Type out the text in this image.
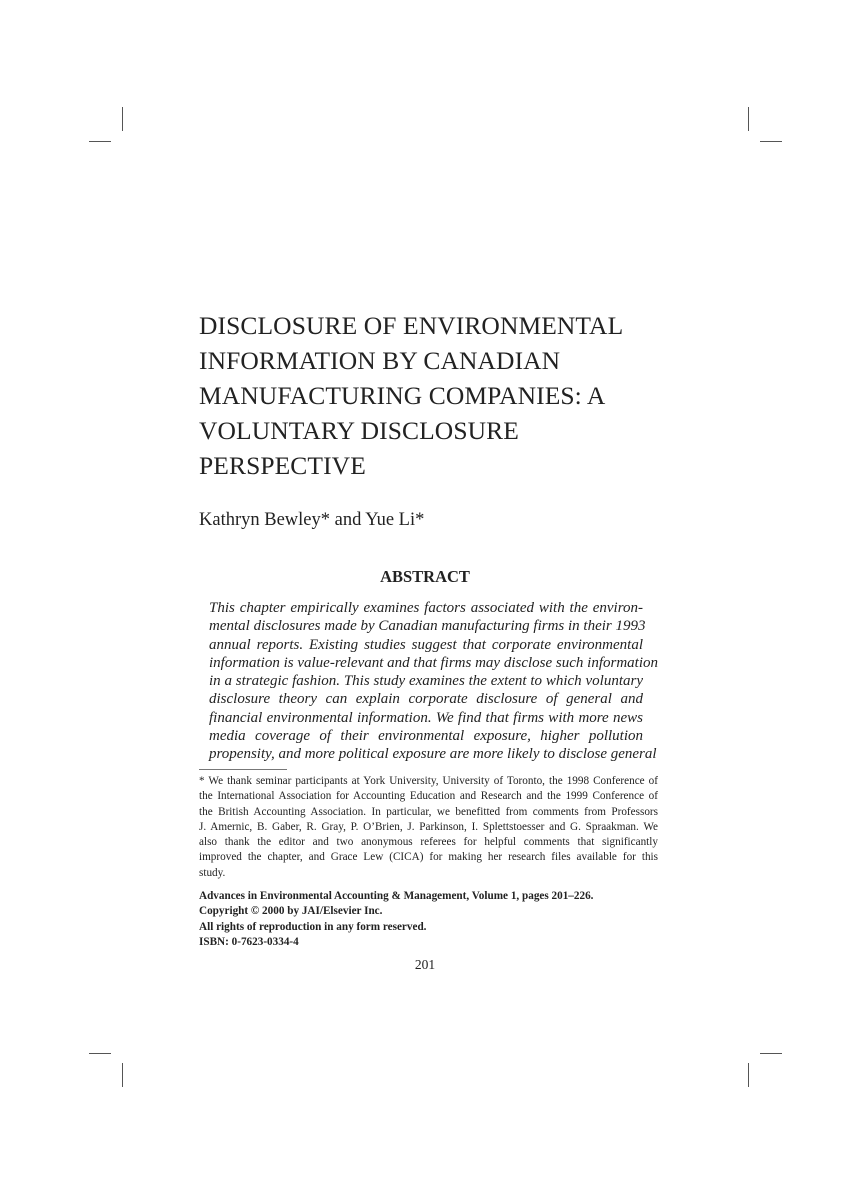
DISCLOSURE OF ENVIRONMENTAL
INFORMATION BY CANADIAN
MANUFACTURING COMPANIES: A
VOLUNTARY DISCLOSURE
PERSPECTIVE

Kathryn Bewley* and Yue Li*

ABSTRACT
This chapter empirically examines factors associated with the environ-
mental disclosures made by Canadian manufacturing firms in their 1993
annual reports. Existing studies suggest that corporate environmental
information is value-relevant and that firms may disclose such information
in a strategic fashion. This study examines the extent to which voluntary
disclosure theory can explain corporate disclosure of general and
financial environmental information. We find that firms with more news
media coverage of their environmental exposure, higher pollution
propensity, and more political exposure are more likely to disclose general
* We thank seminar participants at York University, University of Toronto, the 1998 Conference of
the International Association for Accounting Education and Research and the 1999 Conference of
the British Accounting Association. In particular, we benefitted from comments from Professors
J. Amernic, B. Gaber, R. Gray, P. O’Brien, J. Parkinson, I. Splettstoesser and G. Spraakman. We
also thank the editor and two anonymous referees for helpful comments that significantly
improved the chapter, and Grace Lew (CICA) for making her research files available for this
study.
Advances in Environmental Accounting & Management, Volume 1, pages 201–226.
Copyright © 2000 by JAI/Elsevier Inc.
All rights of reproduction in any form reserved.
ISBN: 0-7623-0334-4
201
